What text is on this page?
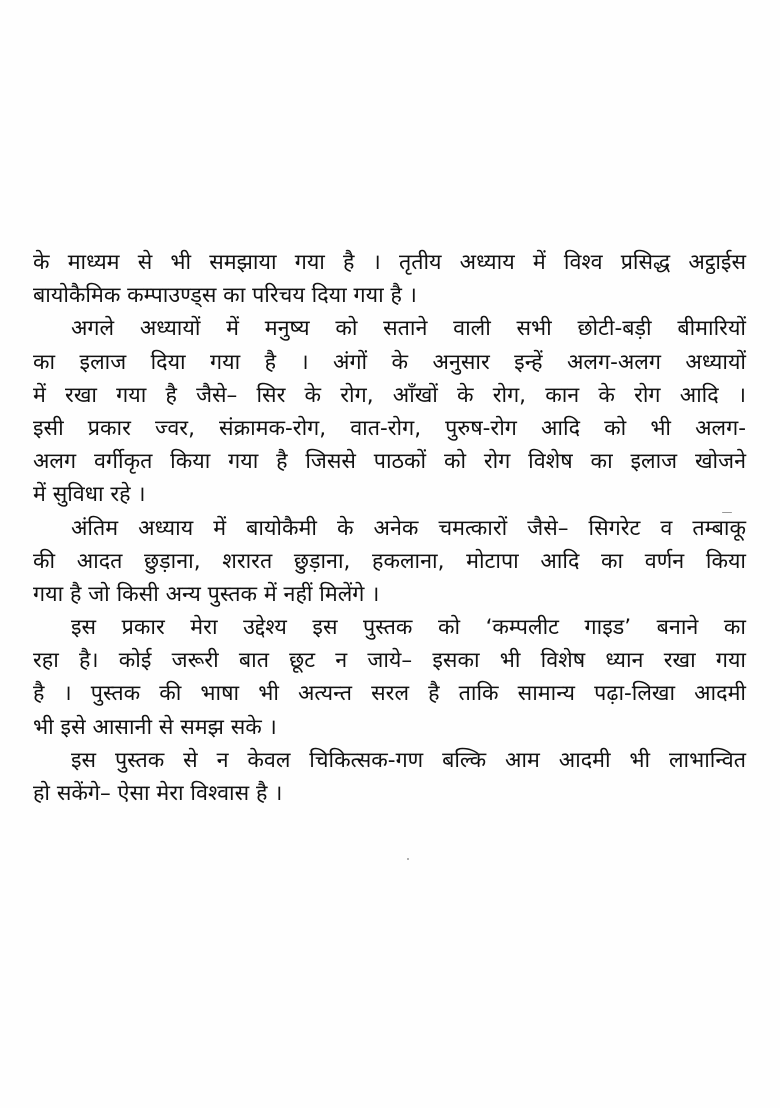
के माध्यम से भी समझाया गया है । तृतीय अध्याय में विश्व प्रसिद्ध अट्ठाईस
बायोकैमिक कम्पाउण्ड्स का परिचय दिया गया है ।
अगले अध्यायों में मनुष्य को सताने वाली सभी छोटी-बड़ी बीमारियों
का इलाज दिया गया है । अंगों के अनुसार इन्हें अलग-अलग अध्यायों
में रखा गया है जैसे– सिर के रोग, आँखों के रोग, कान के रोग आदि ।
इसी प्रकार ज्वर, संक्रामक-रोग, वात-रोग, पुरुष-रोग आदि को भी अलग-
अलग वर्गीकृत किया गया है जिससे पाठकों को रोग विशेष का इलाज खोजने
में सुविधा रहे ।
अंतिम अध्याय में बायोकैमी के अनेक चमत्कारों जैसे– सिगरेट व तम्बाकू
की आदत छुड़ाना, शरारत छुड़ाना, हकलाना, मोटापा आदि का वर्णन किया
गया है जो किसी अन्य पुस्तक में नहीं मिलेंगे ।
इस प्रकार मेरा उद्देश्य इस पुस्तक को ‘कम्पलीट गाइड’ बनाने का
रहा है। कोई जरूरी बात छूट न जाये– इसका भी विशेष ध्यान रखा गया
है । पुस्तक की भाषा भी अत्यन्त सरल है ताकि सामान्य पढ़ा-लिखा आदमी
भी इसे आसानी से समझ सके ।
इस पुस्तक से न केवल चिकित्सक-गण बल्कि आम आदमी भी लाभान्वित
हो सकेंगे– ऐसा मेरा विश्वास है ।
